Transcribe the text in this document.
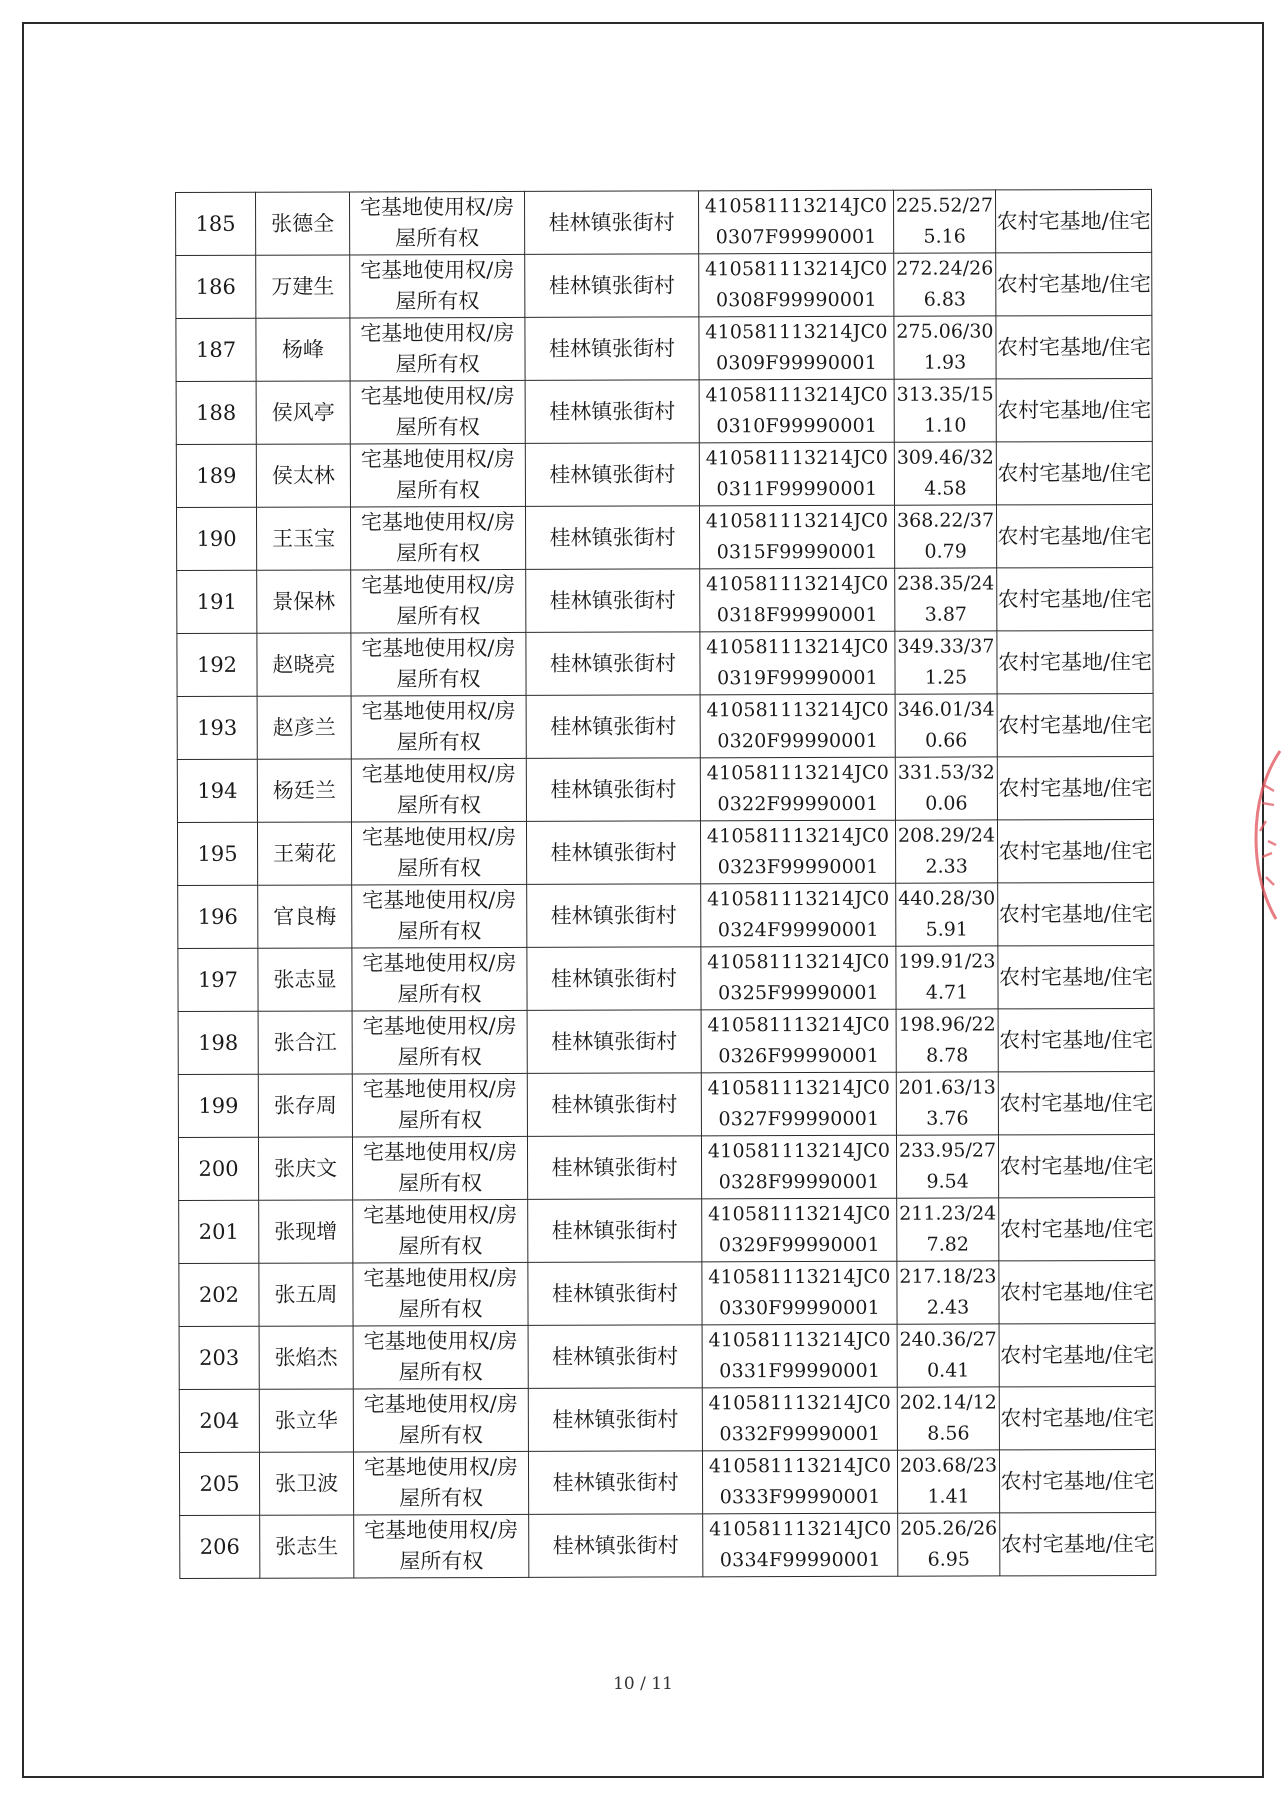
185	张德全	宅基地使用权/房屋所有权	桂林镇张街村	410581113214JC00307F99990001	225.52/275.16	农村宅基地/住宅
186	万建生	宅基地使用权/房屋所有权	桂林镇张街村	410581113214JC00308F99990001	272.24/266.83	农村宅基地/住宅
187	杨峰	宅基地使用权/房屋所有权	桂林镇张街村	410581113214JC00309F99990001	275.06/301.93	农村宅基地/住宅
188	侯风亭	宅基地使用权/房屋所有权	桂林镇张街村	410581113214JC00310F99990001	313.35/151.10	农村宅基地/住宅
189	侯太林	宅基地使用权/房屋所有权	桂林镇张街村	410581113214JC00311F99990001	309.46/324.58	农村宅基地/住宅
190	王玉宝	宅基地使用权/房屋所有权	桂林镇张街村	410581113214JC00315F99990001	368.22/370.79	农村宅基地/住宅
191	景保林	宅基地使用权/房屋所有权	桂林镇张街村	410581113214JC00318F99990001	238.35/243.87	农村宅基地/住宅
192	赵晓亮	宅基地使用权/房屋所有权	桂林镇张街村	410581113214JC00319F99990001	349.33/371.25	农村宅基地/住宅
193	赵彦兰	宅基地使用权/房屋所有权	桂林镇张街村	410581113214JC00320F99990001	346.01/340.66	农村宅基地/住宅
194	杨廷兰	宅基地使用权/房屋所有权	桂林镇张街村	410581113214JC00322F99990001	331.53/320.06	农村宅基地/住宅
195	王菊花	宅基地使用权/房屋所有权	桂林镇张街村	410581113214JC00323F99990001	208.29/242.33	农村宅基地/住宅
196	官良梅	宅基地使用权/房屋所有权	桂林镇张街村	410581113214JC00324F99990001	440.28/305.91	农村宅基地/住宅
197	张志显	宅基地使用权/房屋所有权	桂林镇张街村	410581113214JC00325F99990001	199.91/234.71	农村宅基地/住宅
198	张合江	宅基地使用权/房屋所有权	桂林镇张街村	410581113214JC00326F99990001	198.96/228.78	农村宅基地/住宅
199	张存周	宅基地使用权/房屋所有权	桂林镇张街村	410581113214JC00327F99990001	201.63/133.76	农村宅基地/住宅
200	张庆文	宅基地使用权/房屋所有权	桂林镇张街村	410581113214JC00328F99990001	233.95/279.54	农村宅基地/住宅
201	张现增	宅基地使用权/房屋所有权	桂林镇张街村	410581113214JC00329F99990001	211.23/247.82	农村宅基地/住宅
202	张五周	宅基地使用权/房屋所有权	桂林镇张街村	410581113214JC00330F99990001	217.18/232.43	农村宅基地/住宅
203	张焰杰	宅基地使用权/房屋所有权	桂林镇张街村	410581113214JC00331F99990001	240.36/270.41	农村宅基地/住宅
204	张立华	宅基地使用权/房屋所有权	桂林镇张街村	410581113214JC00332F99990001	202.14/128.56	农村宅基地/住宅
205	张卫波	宅基地使用权/房屋所有权	桂林镇张街村	410581113214JC00333F99990001	203.68/231.41	农村宅基地/住宅
206	张志生	宅基地使用权/房屋所有权	桂林镇张街村	410581113214JC00334F99990001	205.26/266.95	农村宅基地/住宅
10 / 11
